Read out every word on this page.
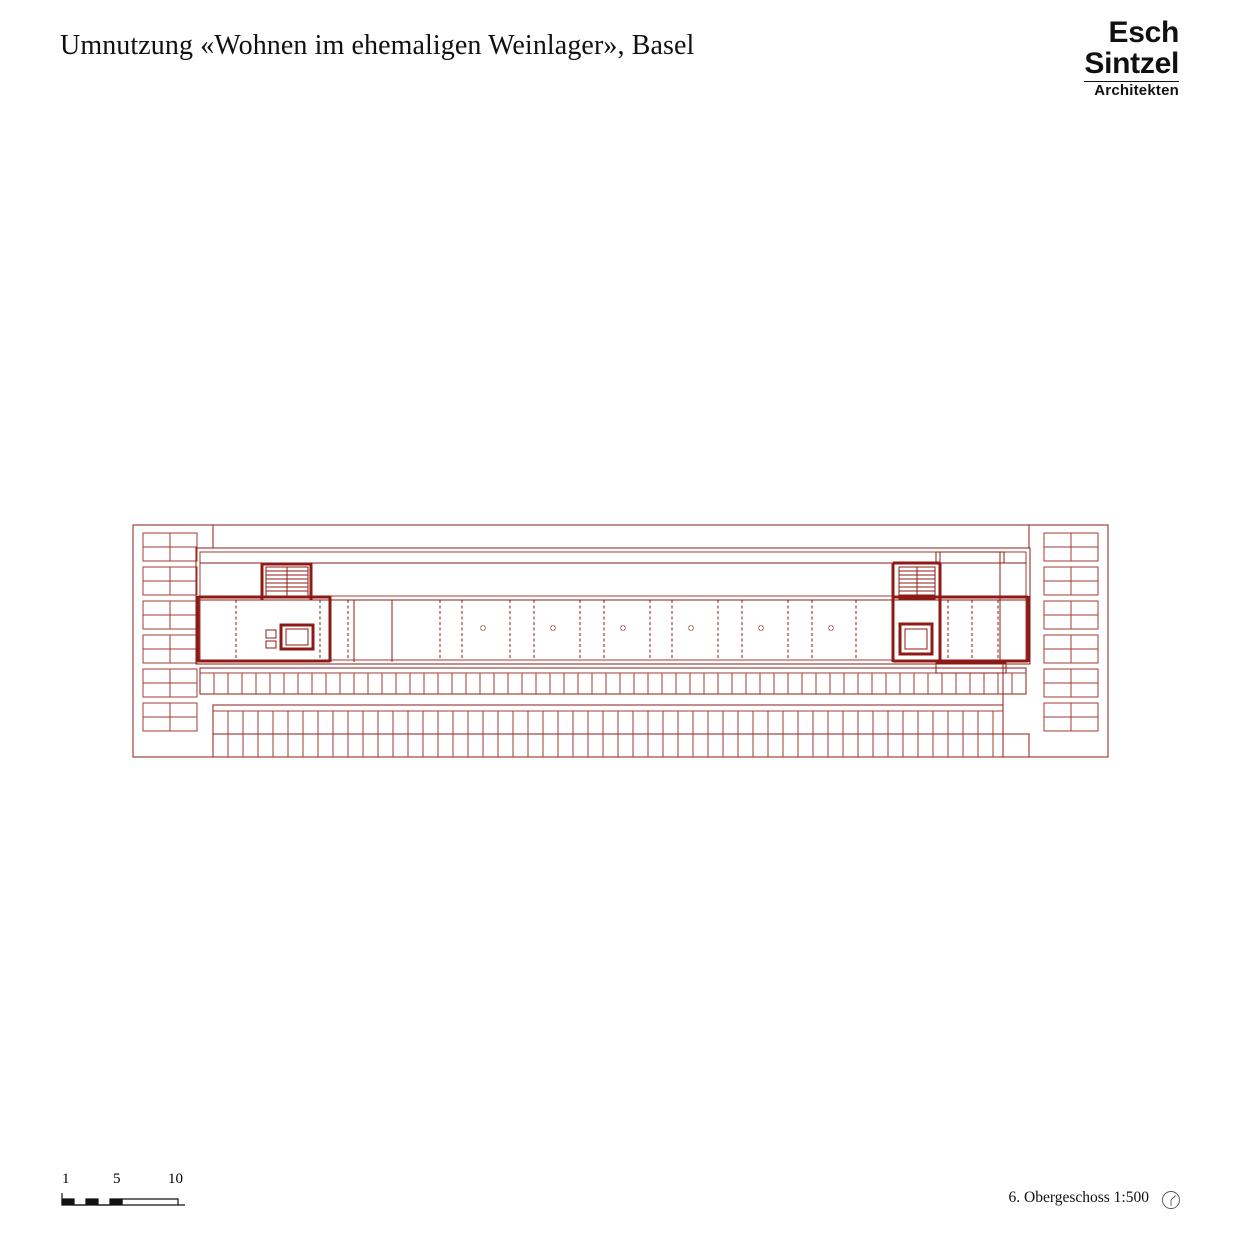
Umnutzung «Wohnen im ehemaligen Weinlager», Basel	Esch
Sintzel
Architekten
1	5	10
6. Obergeschoss 1:500
